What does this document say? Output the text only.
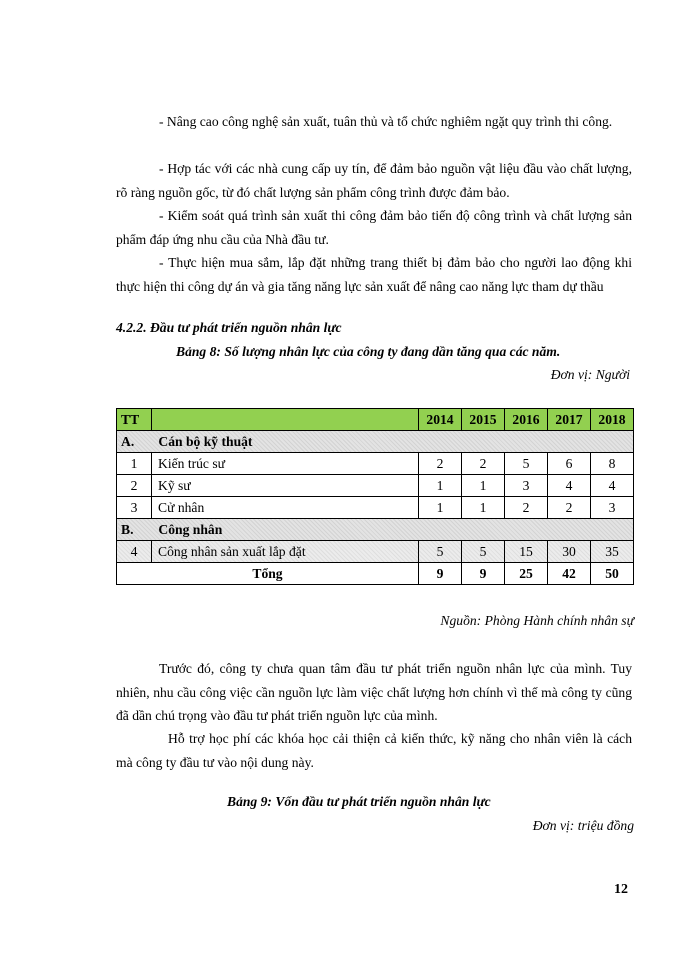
- Nâng cao công nghệ sản xuất, tuân thủ và tổ chức nghiêm ngặt quy trình thi công.
- Hợp tác với các nhà cung cấp uy tín, để đảm bảo nguồn vật liệu đầu vào chất lượng, rõ ràng nguồn gốc, từ đó chất lượng sản phẩm công trình được đảm bảo.
- Kiểm soát quá trình sản xuất thi công đảm bảo tiến độ công trình và chất lượng sản phẩm đáp ứng nhu cầu của Nhà đầu tư.
- Thực hiện mua sắm, lắp đặt những trang thiết bị đảm bảo cho người lao động khi thực hiện thi công dự án và gia tăng năng lực sản xuất để nâng cao năng lực tham dự thầu
4.2.2. Đầu tư phát triển nguồn nhân lực
Bảng 8: Số lượng nhân lực của công ty đang dần tăng qua các năm.
Đơn vị: Người
TT		2014	2015	2016	2017	2018
A. Cán bộ kỹ thuật						
1	Kiến trúc sư	2	2	5	6	8
2	Kỹ sư	1	1	3	4	4
3	Cử nhân	1	1	2	2	3
B. Công nhân						
4	Công nhân sản xuất lắp đặt	5	5	15	30	35
Tổng		9	9	25	42	50
Nguồn: Phòng Hành chính nhân sự
Trước đó, công ty chưa quan tâm đầu tư phát triển nguồn nhân lực của mình. Tuy nhiên, nhu cầu công việc cần nguồn lực làm việc chất lượng hơn chính vì thế mà công ty cũng đã dần chú trọng vào đầu tư phát triển nguồn lực của mình.
Hỗ trợ học phí các khóa học cải thiện cả kiến thức, kỹ năng cho nhân viên là cách mà công ty đầu tư vào nội dung này.
Bảng 9: Vốn đầu tư phát triển nguồn nhân lực
Đơn vị: triệu đồng
12
